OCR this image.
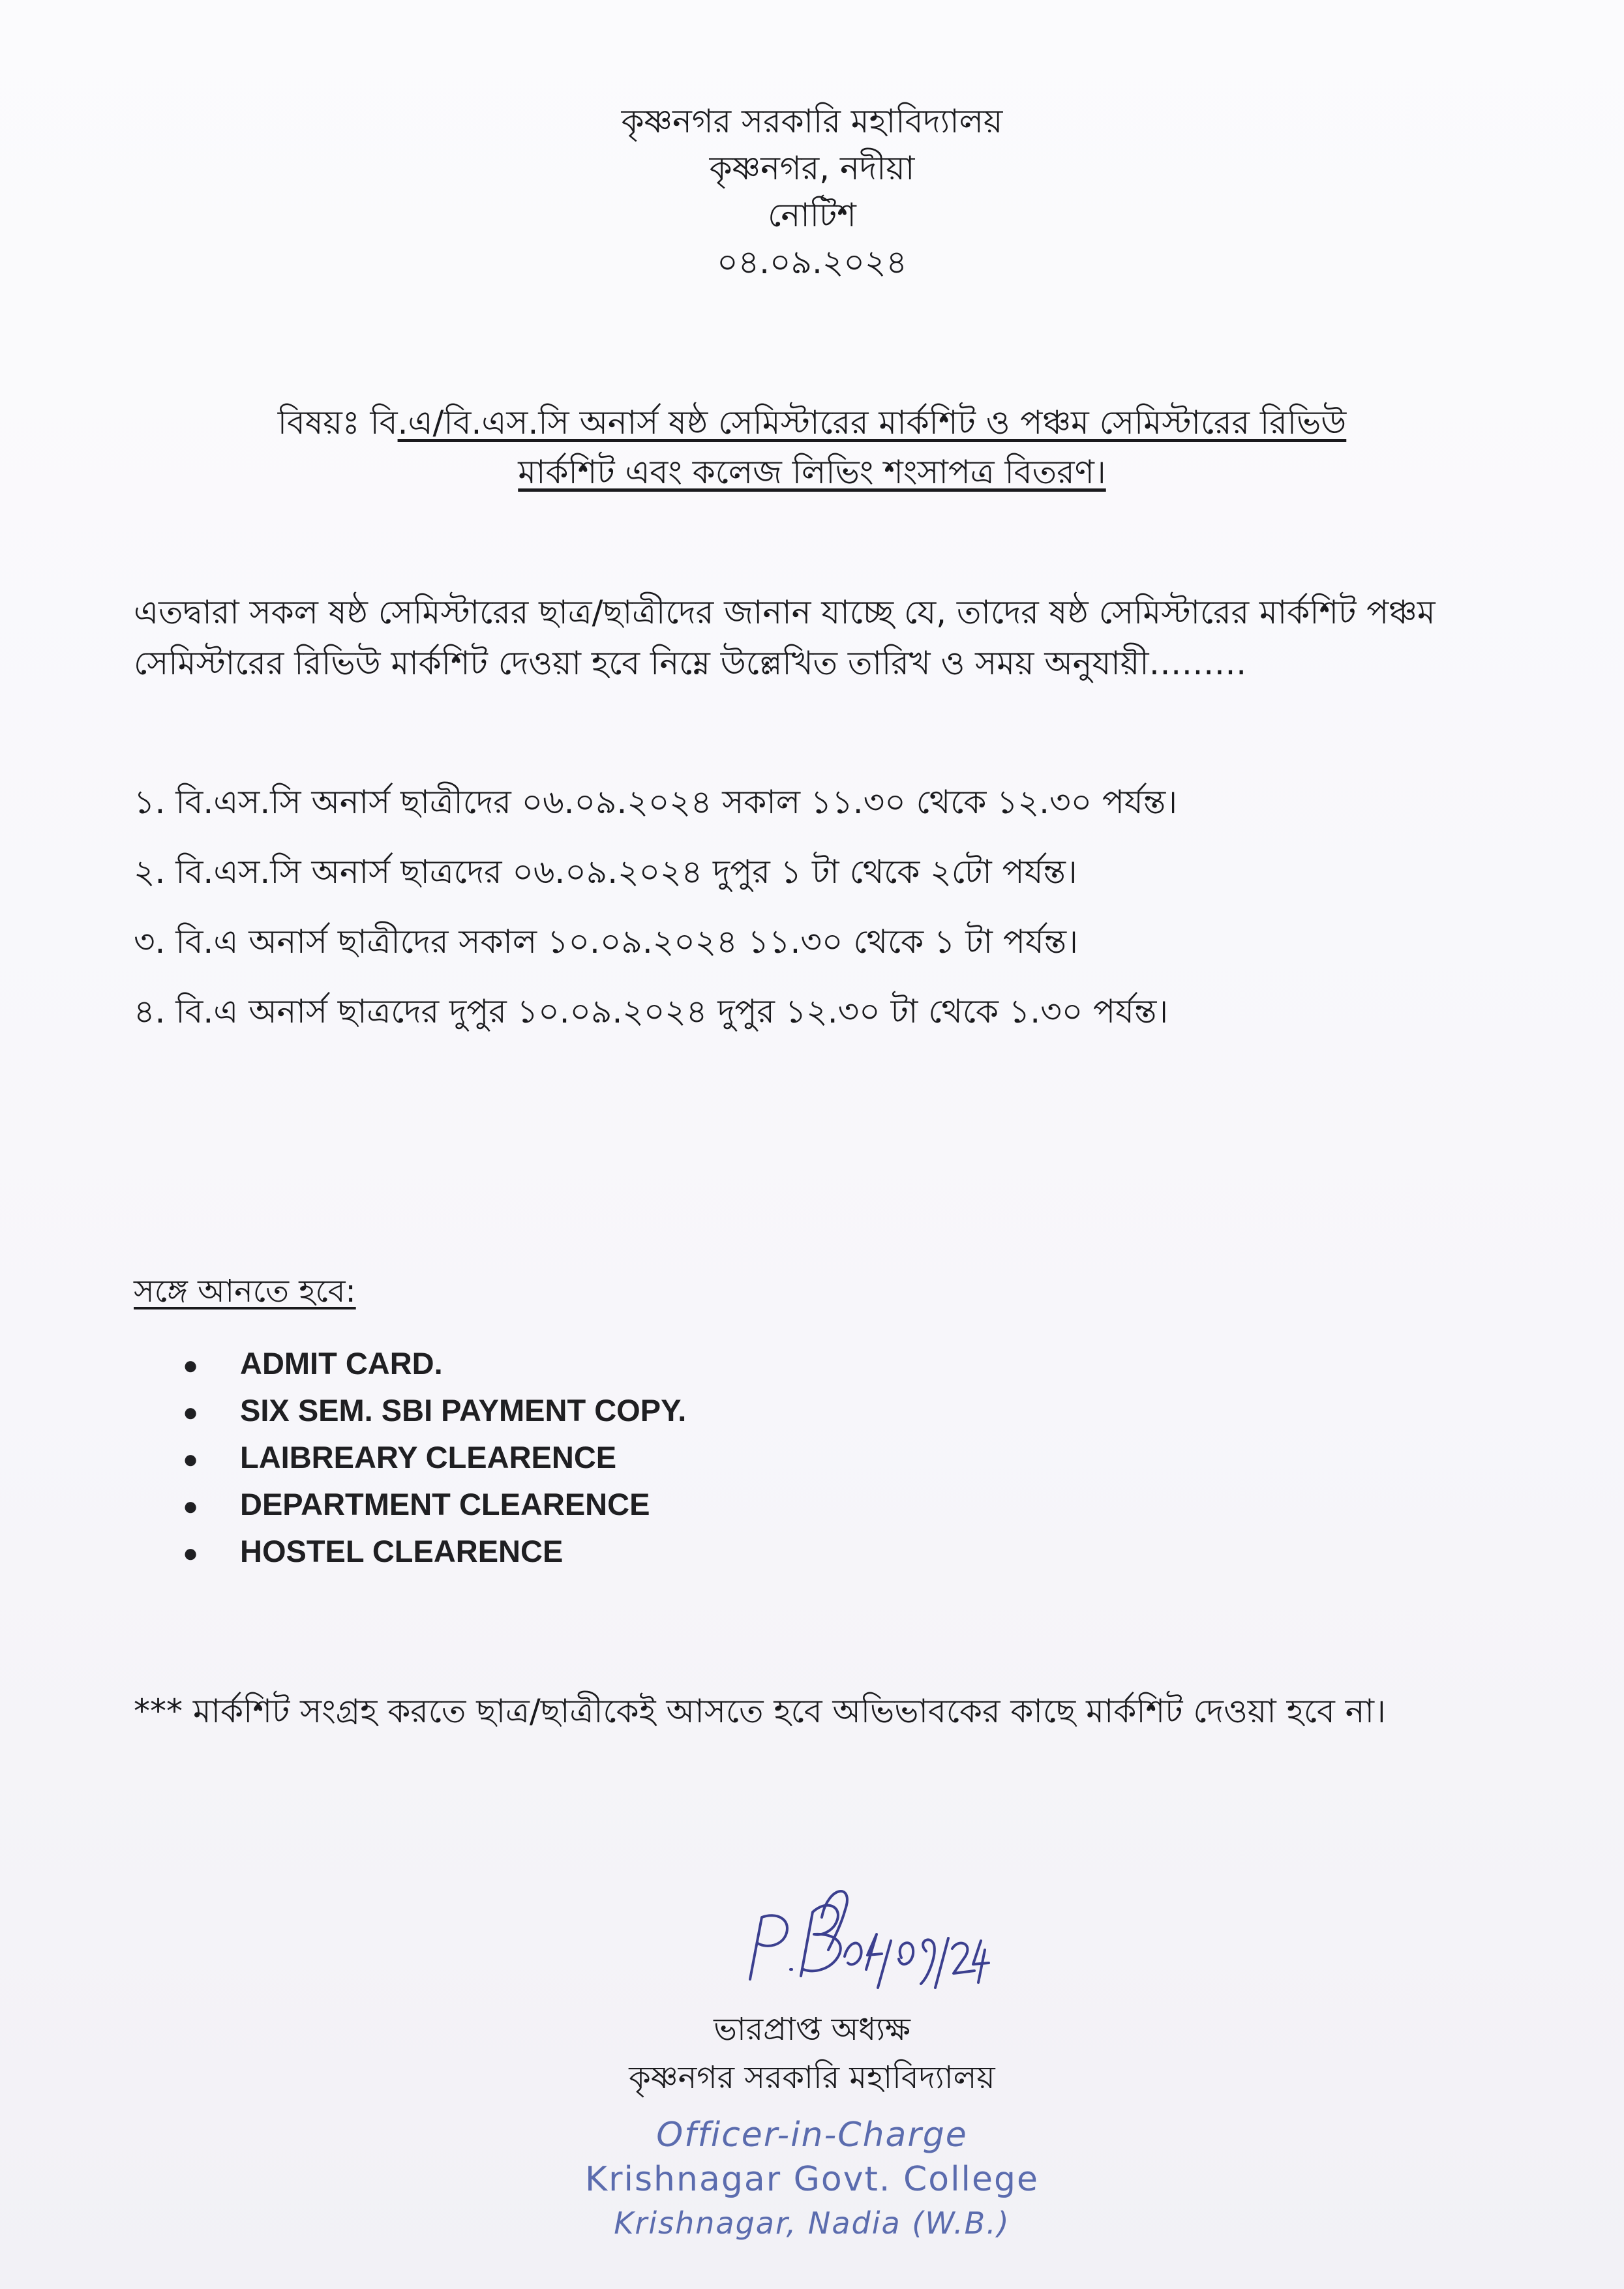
কৃষ্ণনগর সরকারি মহাবিদ্যালয়
কৃষ্ণনগর, নদীয়া
নোটিশ
০৪.০৯.২০২৪
বিষয়ঃ বি.এ/বি.এস.সি অনার্স ষষ্ঠ সেমিস্টারের মার্কশিট ও পঞ্চম সেমিস্টারের রিভিউ
মার্কশিট এবং কলেজ লিভিং শংসাপত্র বিতরণ।
এতদ্বারা সকল ষষ্ঠ সেমিস্টারের ছাত্র/ছাত্রীদের জানান যাচ্ছে যে, তাদের ষষ্ঠ সেমিস্টারের মার্কশিট পঞ্চম সেমিস্টারের রিভিউ মার্কশিট দেওয়া হবে নিম্নে উল্লেখিত তারিখ ও সময় অনুযায়ী………
১. বি.এস.সি অনার্স ছাত্রীদের ০৬.০৯.২০২৪ সকাল ১১.৩০ থেকে ১২.৩০ পর্যন্ত।
২. বি.এস.সি অনার্স ছাত্রদের ০৬.০৯.২০২৪ দুপুর ১ টা থেকে ২টো পর্যন্ত।
৩. বি.এ অনার্স ছাত্রীদের সকাল ১০.০৯.২০২৪ ১১.৩০ থেকে ১ টা পর্যন্ত।
৪. বি.এ অনার্স ছাত্রদের দুপুর ১০.০৯.২০২৪ দুপুর ১২.৩০ টা থেকে ১.৩০ পর্যন্ত।
সঙ্গে আনতে হবে:
● ADMIT CARD.
● SIX SEM. SBI PAYMENT COPY.
● LAIBREARY CLEARENCE
● DEPARTMENT CLEARENCE
● HOSTEL CLEARENCE
*** মার্কশিট সংগ্রহ করতে ছাত্র/ছাত্রীকেই আসতে হবে অভিভাবকের কাছে মার্কশিট দেওয়া হবে না।
ভারপ্রাপ্ত অধ্যক্ষ
কৃষ্ণনগর সরকারি মহাবিদ্যালয়
Officer-in-Charge
Krishnagar Govt. College
Krishnagar, Nadia (W.B.)
